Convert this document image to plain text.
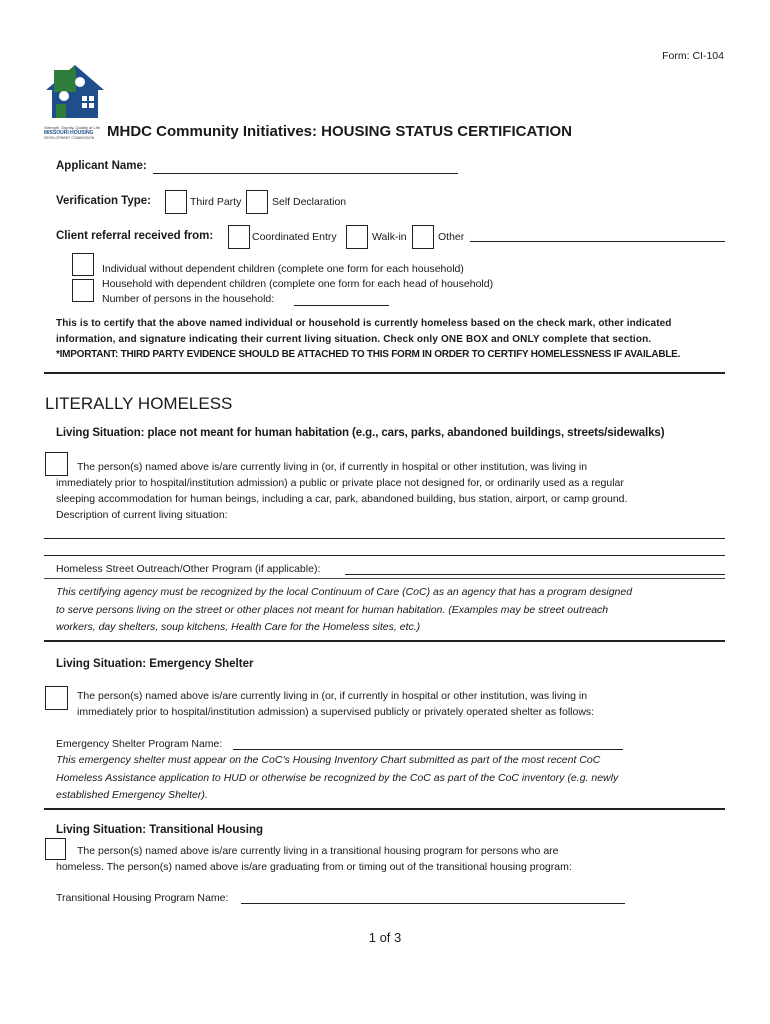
Form: CI-104
Strength, Dignity, Quality of Life
MISSOURI HOUSING
DEVELOPMENT COMMISSION MHDC Community Initiatives: HOUSING STATUS CERTIFICATION
Applicant Name:
Verification Type:	Third Party	Self Declaration
Client referral received from:	Coordinated Entry	Walk-in	Other
Individual without dependent children (complete one form for each household)
Household with dependent children (complete one form for each head of household)
Number of persons in the household:
This is to certify that the above named individual or household is currently homeless based on the check mark, other indicated
information, and signature indicating their current living situation. Check only ONE BOX and ONLY complete that section.
*IMPORTANT: THIRD PARTY EVIDENCE SHOULD BE ATTACHED TO THIS FORM IN ORDER TO CERTIFY HOMELESSNESS IF AVAILABLE.
LITERALLY HOMELESS
Living Situation: place not meant for human habitation (e.g., cars, parks, abandoned buildings, streets/sidewalks)
The person(s) named above is/are currently living in (or, if currently in hospital or other institution, was living in
immediately prior to hospital/institution admission) a public or private place not designed for, or ordinarily used as a regular
sleeping accommodation for human beings, including a car, park, abandoned building, bus station, airport, or camp ground.
Description of current living situation:
Homeless Street Outreach/Other Program (if applicable):
This certifying agency must be recognized by the local Continuum of Care (CoC) as an agency that has a program designed
to serve persons living on the street or other places not meant for human habitation. (Examples may be street outreach
workers, day shelters, soup kitchens, Health Care for the Homeless sites, etc.)
Living Situation: Emergency Shelter
The person(s) named above is/are currently living in (or, if currently in hospital or other institution, was living in
immediately prior to hospital/institution admission) a supervised publicly or privately operated shelter as follows:
Emergency Shelter Program Name:
This emergency shelter must appear on the CoC’s Housing Inventory Chart submitted as part of the most recent CoC
Homeless Assistance application to HUD or otherwise be recognized by the CoC as part of the CoC inventory (e.g. newly
established Emergency Shelter).
Living Situation: Transitional Housing
The person(s) named above is/are currently living in a transitional housing program for persons who are
homeless. The person(s) named above is/are graduating from or timing out of the transitional housing program:
Transitional Housing Program Name:
1 of 3
